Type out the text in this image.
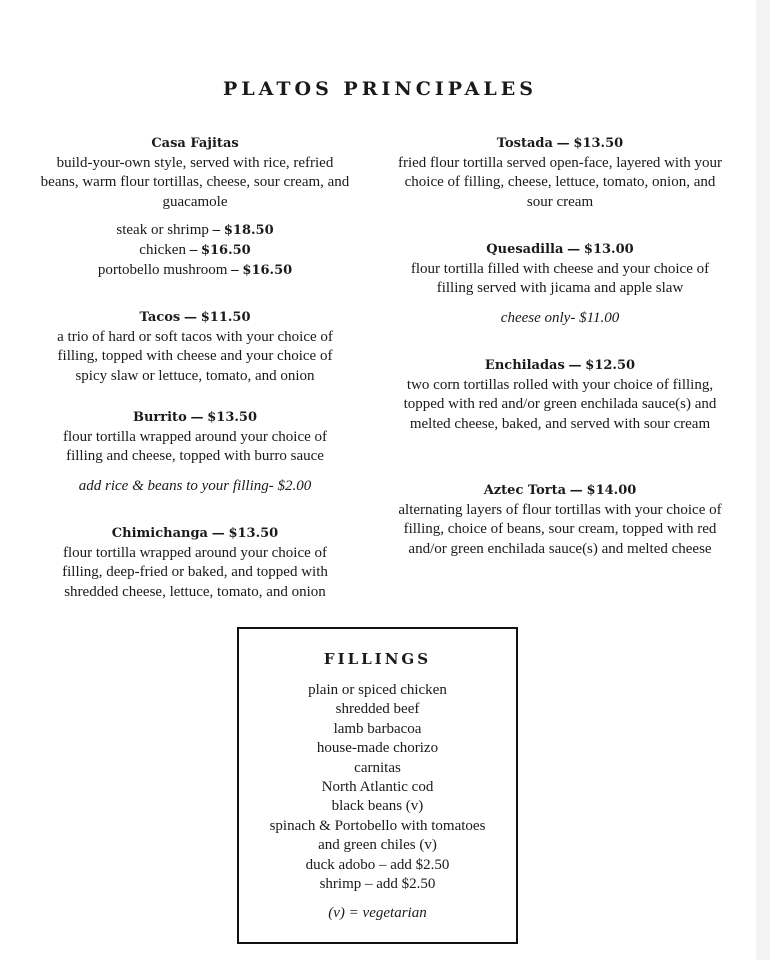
PLATOS PRINCIPALES
Casa Fajitas
build-your-own style, served with rice, refried beans, warm flour tortillas, cheese, sour cream, and guacamole
steak or shrimp – $18.50
chicken – $16.50
portobello mushroom – $16.50
Tacos — $11.50
a trio of hard or soft tacos with your choice of filling, topped with cheese and your choice of spicy slaw or lettuce, tomato, and onion
Burrito — $13.50
flour tortilla wrapped around your choice of filling and cheese, topped with burro sauce
add rice & beans to your filling- $2.00
Chimichanga — $13.50
flour tortilla wrapped around your choice of filling, deep-fried or baked, and topped with shredded cheese, lettuce, tomato, and onion
Tostada — $13.50
fried flour tortilla served open-face, layered with your choice of filling, cheese, lettuce, tomato, onion, and sour cream
Quesadilla — $13.00
flour tortilla filled with cheese and your choice of filling served with jicama and apple slaw
cheese only- $11.00
Enchiladas — $12.50
two corn tortillas rolled with your choice of filling, topped with red and/or green enchilada sauce(s) and melted cheese, baked, and served with sour cream
Aztec Torta — $14.00
alternating layers of flour tortillas with your choice of filling, choice of beans, sour cream, topped with red and/or green enchilada sauce(s) and melted cheese
FILLINGS
plain or spiced chicken
shredded beef
lamb barbacoa
house-made chorizo
carnitas
North Atlantic cod
black beans (v)
spinach & Portobello with tomatoes
and green chiles (v)
duck adobo – add $2.50
shrimp – add $2.50
(v) = vegetarian
